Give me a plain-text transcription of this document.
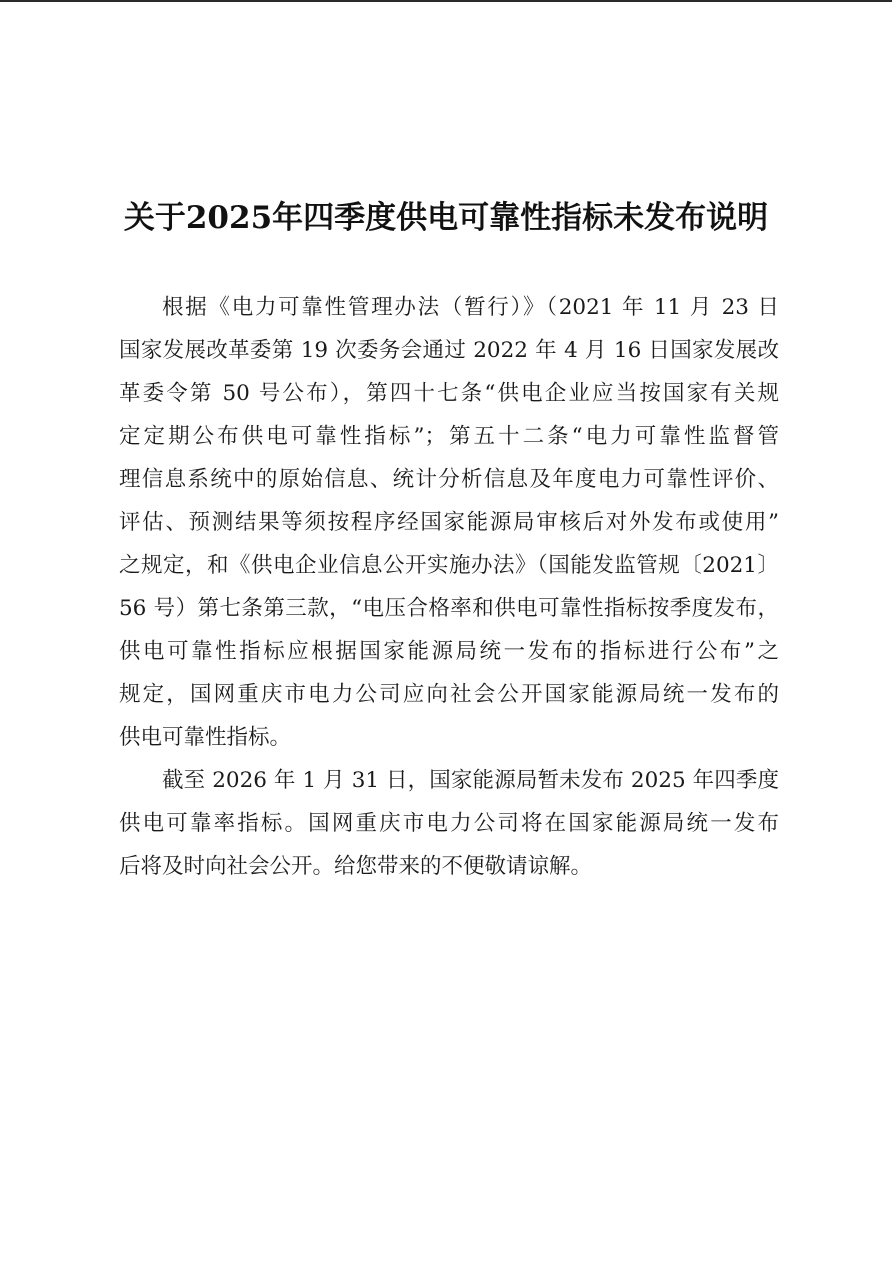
关于2025年四季度供电可靠性指标未发布说明
根据《电力可靠性管理办法（暂行）》（2021 年 11 月 23 日
国家发展改革委第 19 次委务会通过 2022 年 4 月 16 日国家发展改
革委令第 50 号公布），第四十七条“供电企业应当按国家有关规
定定期公布供电可靠性指标”；第五十二条“电力可靠性监督管
理信息系统中的原始信息、统计分析信息及年度电力可靠性评价、
评估、预测结果等须按程序经国家能源局审核后对外发布或使用”
之规定，和《供电企业信息公开实施办法》（国能发监管规〔2021〕
56 号）第七条第三款，“电压合格率和供电可靠性指标按季度发布，
供电可靠性指标应根据国家能源局统一发布的指标进行公布”之
规定，国网重庆市电力公司应向社会公开国家能源局统一发布的
供电可靠性指标。
截至 2026 年 1 月 31 日，国家能源局暂未发布 2025 年四季度
供电可靠率指标。国网重庆市电力公司将在国家能源局统一发布
后将及时向社会公开。给您带来的不便敬请谅解。
